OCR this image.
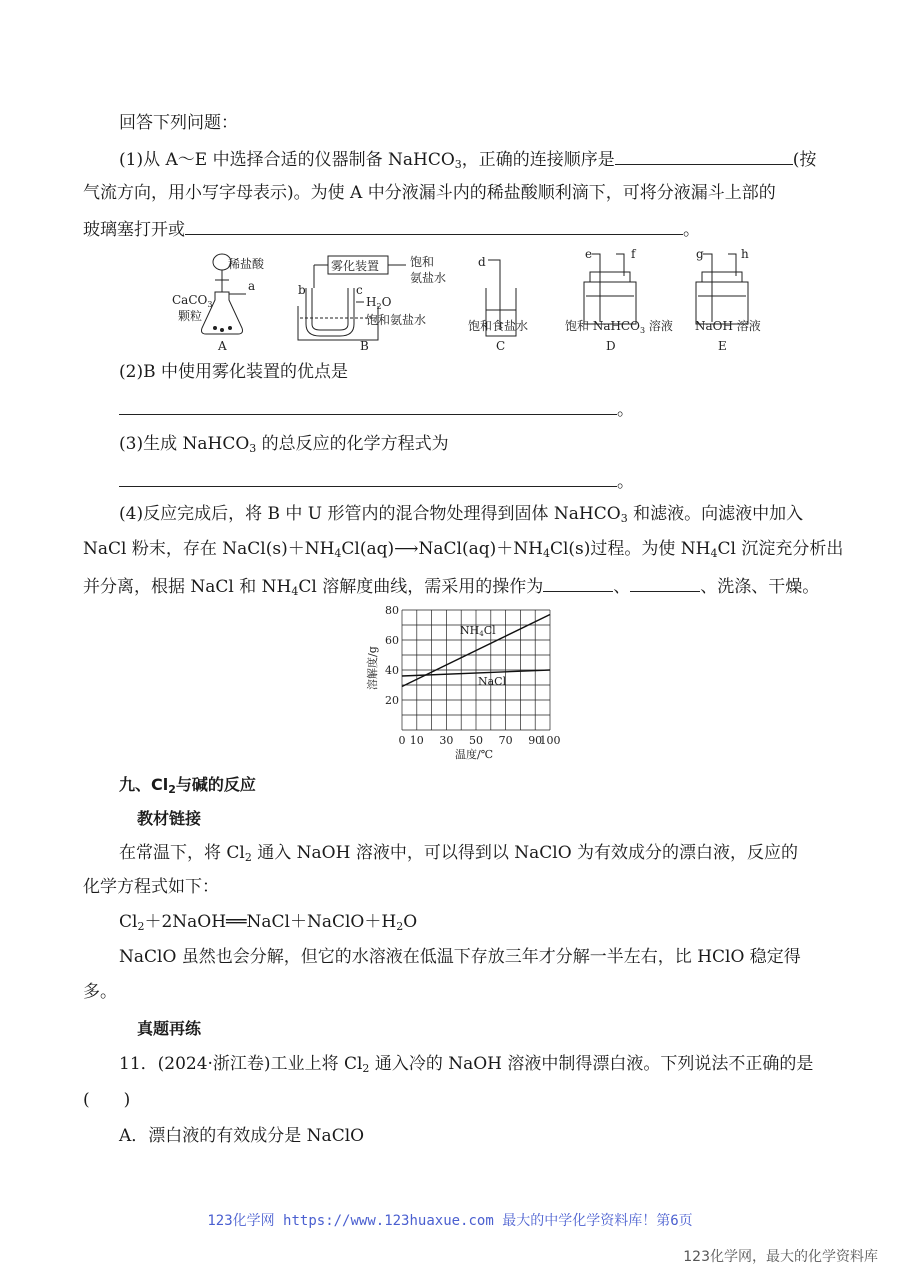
回答下列问题：
(1)从 A～E 中选择合适的仪器制备 NaHCO$_3$，正确的连接顺序是	(按
气流方向，用小写字母表示)。为使 A 中分液漏斗内的稀盐酸顺利滴下，可将分液漏斗上部的
玻璃塞打开或	。
稀盐酸
a
CaCO$_3$
颗粒
A
雾化装置	饱和
氨盐水
b	c
$H_2O$
饱和氨盐水
B
d
饱和食盐水
C
e	f
饱和 NaHCO$_3$ 溶液
D
g	h
NaOH 溶液
E
(2)B 中使用雾化装置的优点是
。
(3)生成 NaHCO$_3$ 的总反应的化学方程式为
。
(4)反应完成后，将 B 中 U 形管内的混合物处理得到固体 NaHCO$_3$ 和滤液。向滤液中加入
NaCl 粉末，存在 $NaCl(s)+NH_4Cl(aq)⟶NaCl(aq)+NH_4Cl(s)$过程。为使 $NH_4Cl$ 沉淀充分析出
并分离，根据 NaCl 和 $NH_4Cl$ 溶解度曲线，需采用的操作为	、	、洗涤、干燥。
20
40
60
80
0 10 30 50 70 90
100
NH4Cl
NaCl
溶解度/g
温度/℃
九、$Cl_2$与碱的反应
教材链接
在常温下，将 $Cl_2$ 通入 NaOH 溶液中，可以得到以 NaClO 为有效成分的漂白液，反应的
化学方程式如下：
$Cl_2+2NaOH══NaCl+NaClO+H_2O$
NaClO 虽然也会分解，但它的水溶液在低温下存放三年才分解一半左右，比 HClO 稳定得
多。
真题再练
11．(2024·浙江卷)工业上将 $Cl_2$ 通入冷的 NaOH 溶液中制得漂白液。下列说法不正确的是
(　　)
A．漂白液的有效成分是 NaClO
123化学网 https://www.123huaxue.com 最大的中学化学资料库！第6页
123化学网，最大的化学资料库
